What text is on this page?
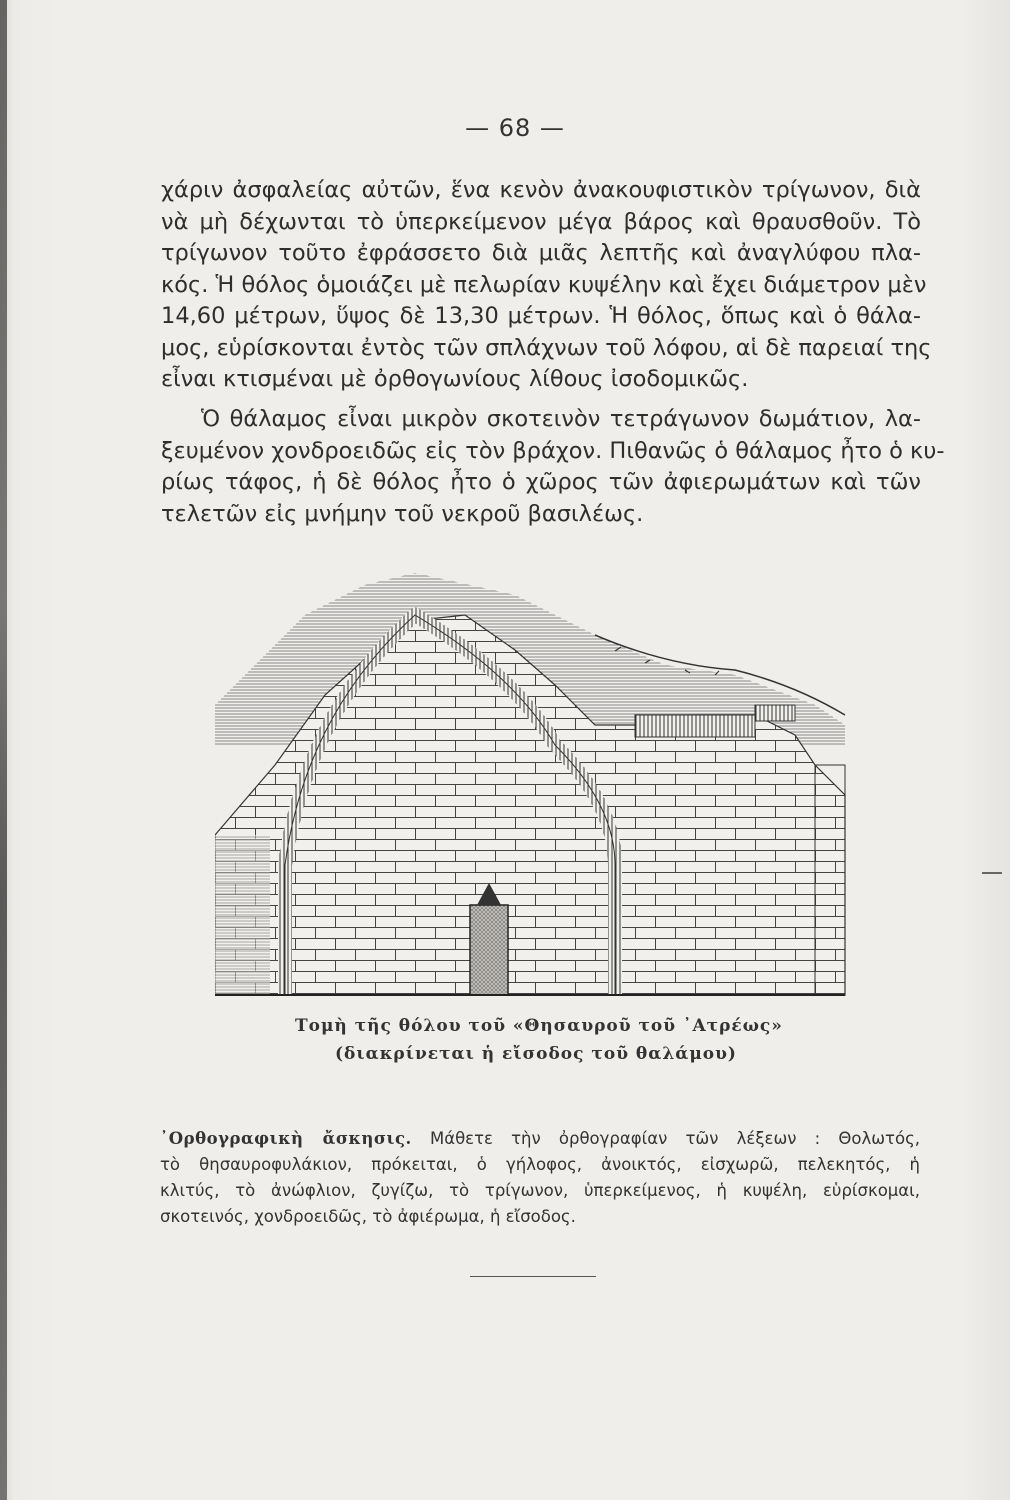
— 68 —
χάριν ἀσφαλείας αὐτῶν, ἕνα κενὸν ἀνακουφιστικὸν τρίγωνον, διὰ
νὰ μὴ δέχωνται τὸ ὑπερκείμενον μέγα βάρος καὶ θραυσθοῦν. Τὸ
τρίγωνον τοῦτο ἐφράσσετο διὰ μιᾶς λεπτῆς καὶ ἀναγλύφου πλα-
κός. Ἡ θόλος ὁμοιάζει μὲ πελωρίαν κυψέλην καὶ ἔχει διάμετρον μὲν
14,60 μέτρων, ὕψος δὲ 13,30 μέτρων. Ἡ θόλος, ὅπως καὶ ὁ θάλα-
μος, εὑρίσκονται ἐντὸς τῶν σπλάχνων τοῦ λόφου, αἱ δὲ παρειαί της
εἶναι κτισμέναι μὲ ὀρθογωνίους λίθους ἰσοδομικῶς.
Ὁ θάλαμος εἶναι μικρὸν σκοτεινὸν τετράγωνον δωμάτιον, λα-
ξευμένον χονδροειδῶς εἰς τὸν βράχον. Πιθανῶς ὁ θάλαμος ἦτο ὁ κυ-
ρίως τάφος, ἡ δὲ θόλος ἦτο ὁ χῶρος τῶν ἀφιερωμάτων καὶ τῶν
τελετῶν εἰς μνήμην τοῦ νεκροῦ βασιλέως.
Τομὴ τῆς θόλου τοῦ «Θησαυροῦ τοῦ ᾿Ατρέως»
(διακρίνεται ἡ εἴσοδος τοῦ θαλάμου)
᾿Ορθογραφικὴ ἄσκησις. Μάθετε τὴν ὀρθογραφίαν τῶν λέξεων : Θολωτός,
τὸ θησαυροφυλάκιον, πρόκειται, ὁ γήλοφος, ἀνοικτός, εἰσχωρῶ, πελεκητός, ἡ
κλιτύς, τὸ ἀνώφλιον, ζυγίζω, τὸ τρίγωνον, ὑπερκείμενος, ἡ κυψέλη, εὑρίσκομαι,
σκοτεινός, χονδροειδῶς, τὸ ἀφιέρωμα, ἡ εἴσοδος.
